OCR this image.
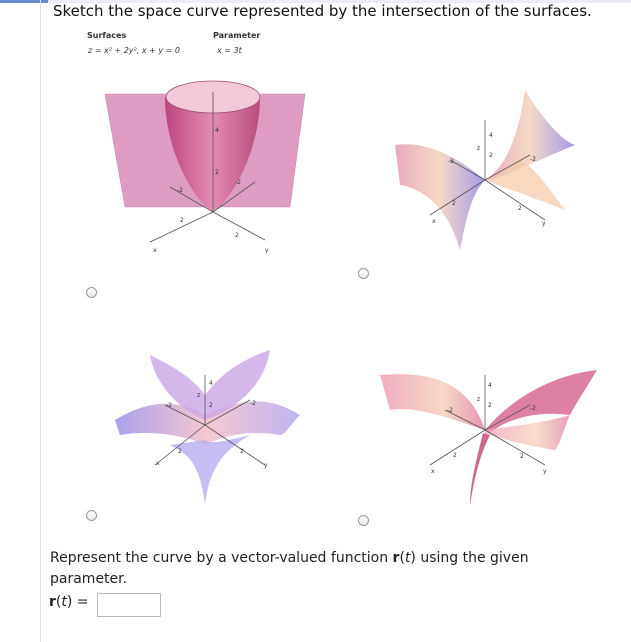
Sketch the space curve represented by the intersection of the surfaces.
Surfaces	Parameter
z = x² + 2y², x + y = 0	x = 3t
4
2
-2
-2
2
2
x	y
4
2
z
-2	-2
2
2
x	y
4
2
z
-2	-2
2	2
x	y
4
2
z
-2	-2
2	2
x	y
Represent the curve by a vector-valued function r(t) using the given parameter.
r(t) =
